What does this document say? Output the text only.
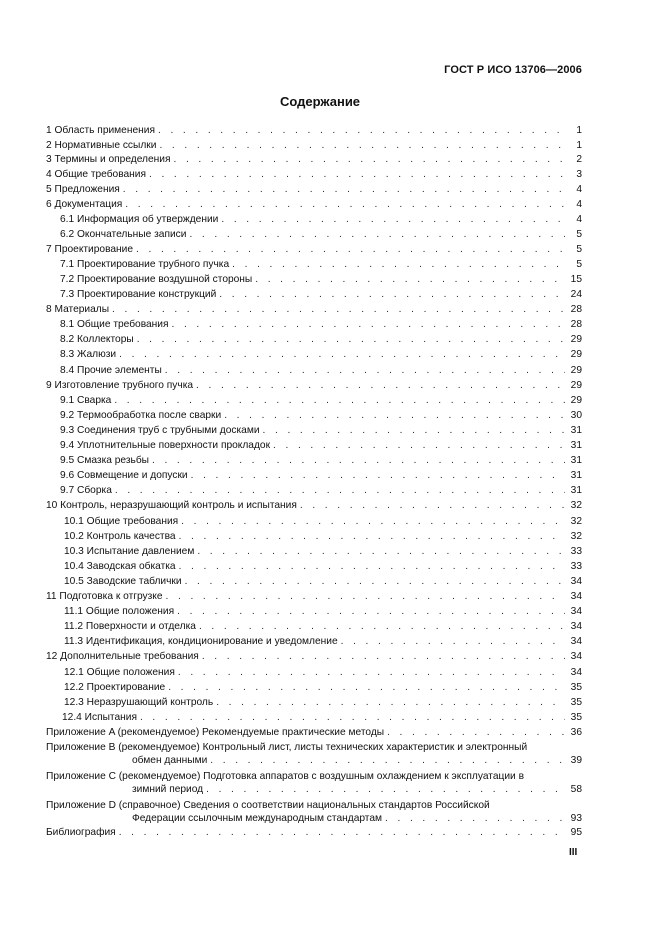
ГОСТ Р ИСО 13706—2006
Содержание
1 Область применения . . .	1
2 Нормативные ссылки . . .	1
3 Термины и определения . . .	2
4 Общие требования . . .	3
5 Предложения . . .	4
6 Документация . . .	4
6.1 Информация об утверждении . . .	4
6.2 Окончательные записи . . .	5
7 Проектирование . . .	5
7.1 Проектирование трубного пучка . . .	5
7.2 Проектирование воздушной стороны . . .	15
7.3 Проектирование конструкций . . .	24
8 Материалы . . .	28
8.1 Общие требования . . .	28
8.2 Коллекторы . . .	29
8.3 Жалюзи . . .	29
8.4 Прочие элементы . . .	29
9 Изготовление трубного пучка . . .	29
9.1 Сварка . . .	29
9.2 Термообработка после сварки . . .	30
9.3 Соединения труб с трубными досками . . .	31
9.4 Уплотнительные поверхности прокладок . . .	31
9.5 Смазка резьбы . . .	31
9.6 Совмещение и допуски . . .	31
9.7 Сборка . . .	31
10 Контроль, неразрушающий контроль и испытания . . .	32
10.1 Общие требования . . .	32
10.2 Контроль качества . . .	32
10.3 Испытание давлением . . .	33
10.4 Заводская обкатка . . .	33
10.5 Заводские таблички . . .	34
11 Подготовка к отгрузке . . .	34
11.1 Общие положения . . .	34
11.2 Поверхности и отделка . . .	34
11.3 Идентификация, кондиционирование и уведомление . . .	34
12 Дополнительные требования . . .	34
12.1 Общие положения . . .	34
12.2 Проектирование . . .	35
12.3 Неразрушающий контроль . . .	35
12.4 Испытания . . .	35
Приложение A (рекомендуемое) Рекомендуемые практические методы . . .	36
Приложение B (рекомендуемое) Контрольный лист, листы технических характеристик и электронный
обмен данными . . .	39
Приложение C (рекомендуемое) Подготовка аппаратов с воздушным охлаждением к эксплуатации в
зимний период . . .	58
Приложение D (справочное) Сведения о соответствии национальных стандартов Российской
Федерации ссылочным международным стандартам . . .	93
Библиография . . .	95
III
